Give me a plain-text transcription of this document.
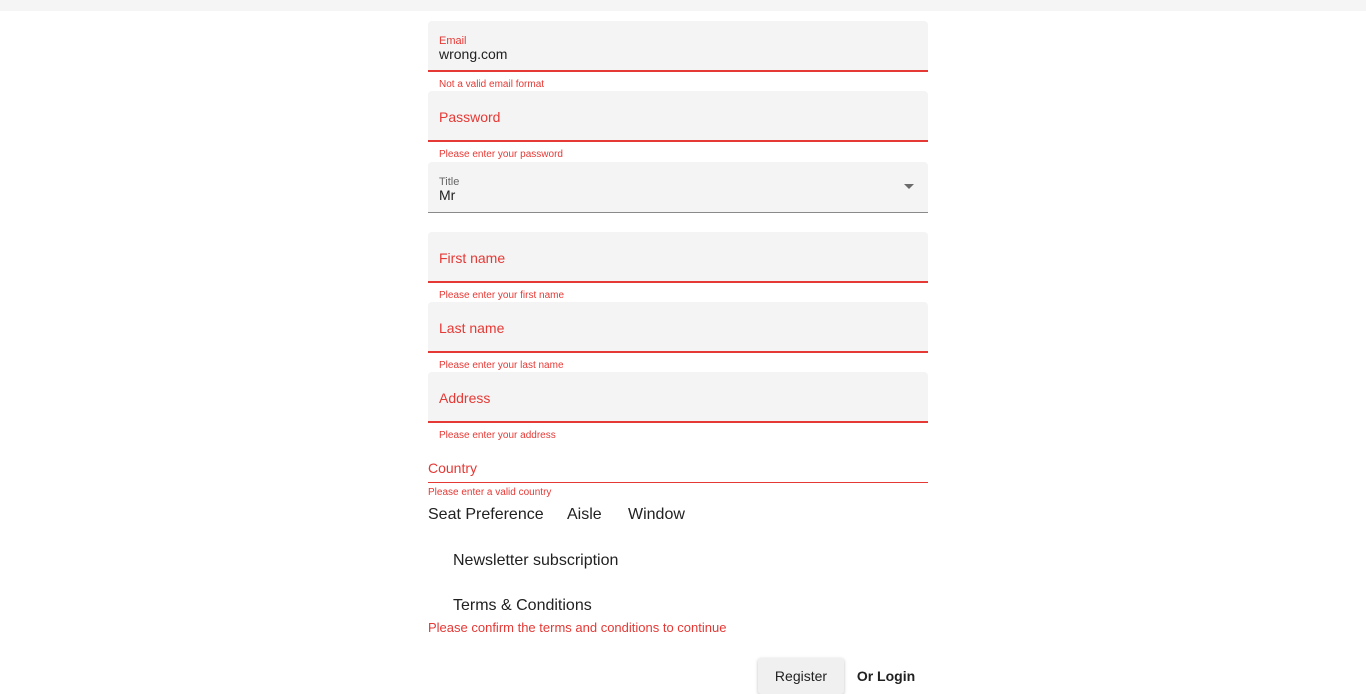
Email
wrong.com
Not a valid email format
Password
Please enter your password
Title
Mr
First name
Please enter your first name
Last name
Please enter your last name
Address
Please enter your address
Country
Please enter a valid country
Seat Preference Aisle Window
Newsletter subscription
Terms & Conditions
Please confirm the terms and conditions to continue
Register	Or Login
